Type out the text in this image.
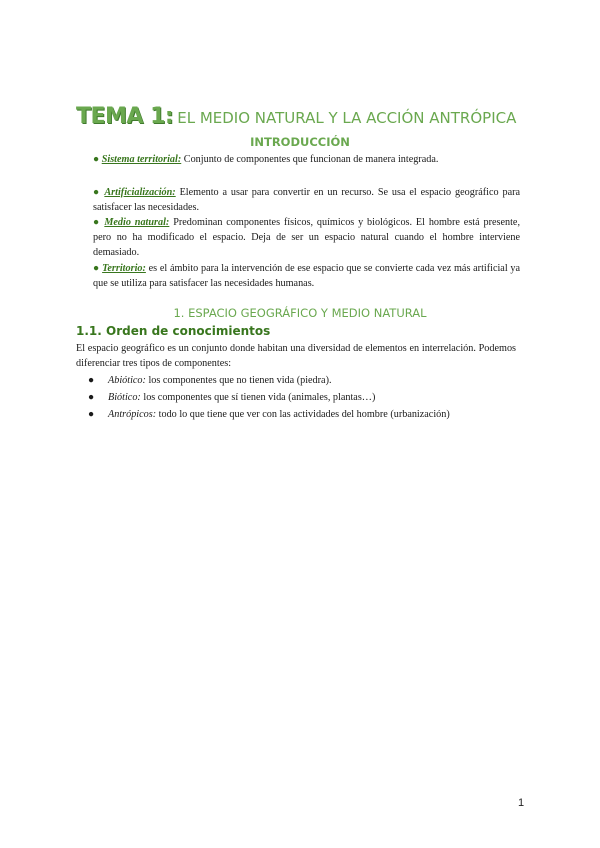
TEMA 1: EL MEDIO NATURAL Y LA ACCIÓN ANTRÓPICA
INTRODUCCIÓN
● Sistema territorial: Conjunto de componentes que funcionan de manera integrada.
● Artificialización: Elemento a usar para convertir en un recurso. Se usa el espacio geográfico para satisfacer las necesidades.
● Medio natural: Predominan componentes físicos, químicos y biológicos. El hombre está presente, pero no ha modificado el espacio. Deja de ser un espacio natural cuando el hombre interviene demasiado.
● Territorio: es el ámbito para la intervención de ese espacio que se convierte cada vez más artificial ya que se utiliza para satisfacer las necesidades humanas.
1. ESPACIO GEOGRÁFICO Y MEDIO NATURAL
1.1. Orden de conocimientos
El espacio geográfico es un conjunto donde habitan una diversidad de elementos en interrelación. Podemos diferenciar tres tipos de componentes:
● Abiótico: los componentes que no tienen vida (piedra).
● Biótico: los componentes que sí tienen vida (animales, plantas…)
● Antrópicos: todo lo que tiene que ver con las actividades del hombre (urbanización)
1
